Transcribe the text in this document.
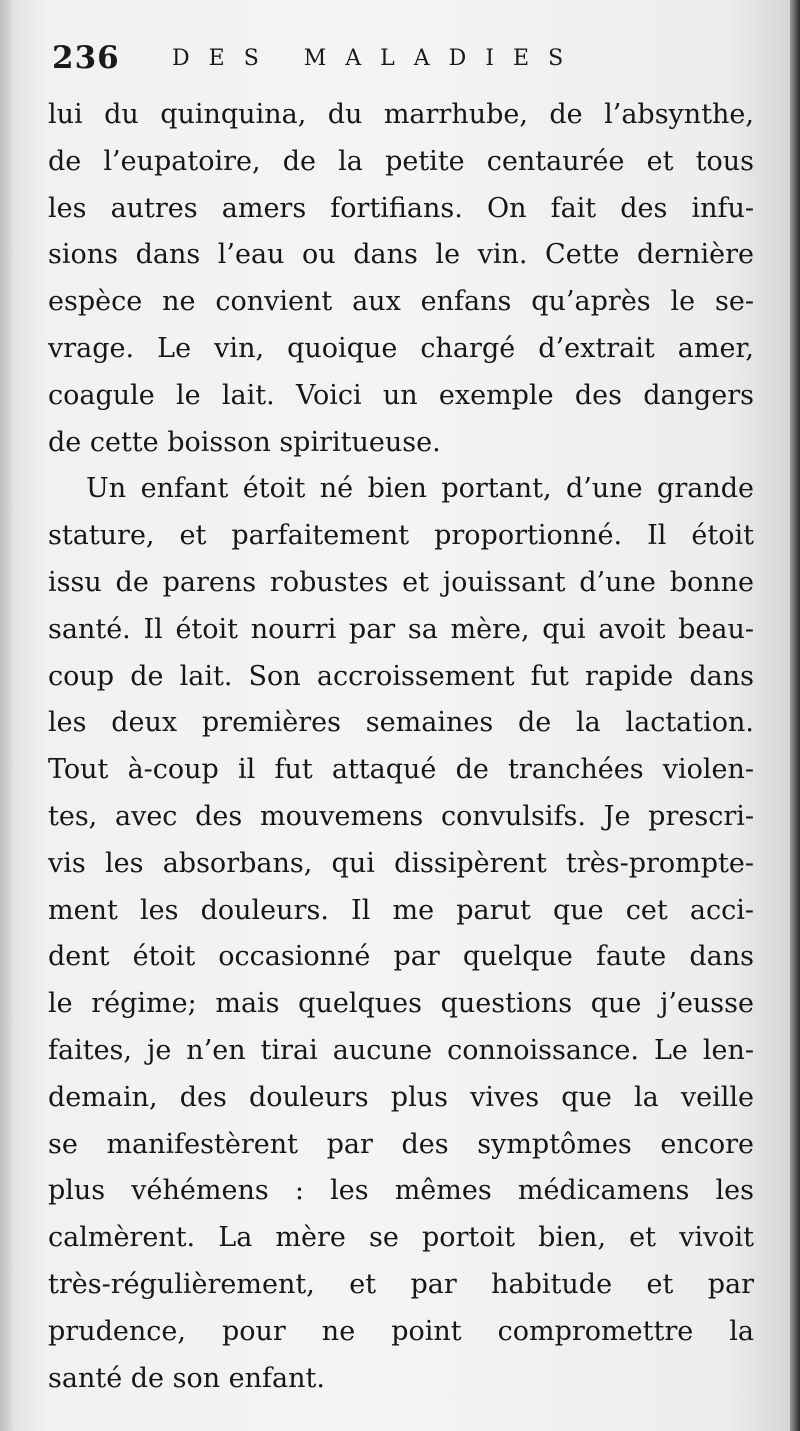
236 DES MALADIES
lui du quinquina, du marrhube, de l’absynthe,
de l’eupatoire, de la petite centaurée et tous
les autres amers fortifians. On fait des infu-
sions dans l’eau ou dans le vin. Cette dernière
espèce ne convient aux enfans qu’après le se-
vrage. Le vin, quoique chargé d’extrait amer,
coagule le lait. Voici un exemple des dangers
de cette boisson spiritueuse.
Un enfant étoit né bien portant, d’une grande
stature, et parfaitement proportionné. Il étoit
issu de parens robustes et jouissant d’une bonne
santé. Il étoit nourri par sa mère, qui avoit beau-
coup de lait. Son accroissement fut rapide dans
les deux premières semaines de la lactation.
Tout à-coup il fut attaqué de tranchées violen-
tes, avec des mouvemens convulsifs. Je prescri-
vis les absorbans, qui dissipèrent très-prompte-
ment les douleurs. Il me parut que cet acci-
dent étoit occasionné par quelque faute dans
le régime; mais quelques questions que j’eusse
faites, je n’en tirai aucune connoissance. Le len-
demain, des douleurs plus vives que la veille
se manifestèrent par des symptômes encore
plus véhémens : les mêmes médicamens les
calmèrent. La mère se portoit bien, et vivoit
très-régulièrement, et par habitude et par
prudence, pour ne point compromettre la
santé de son enfant.
